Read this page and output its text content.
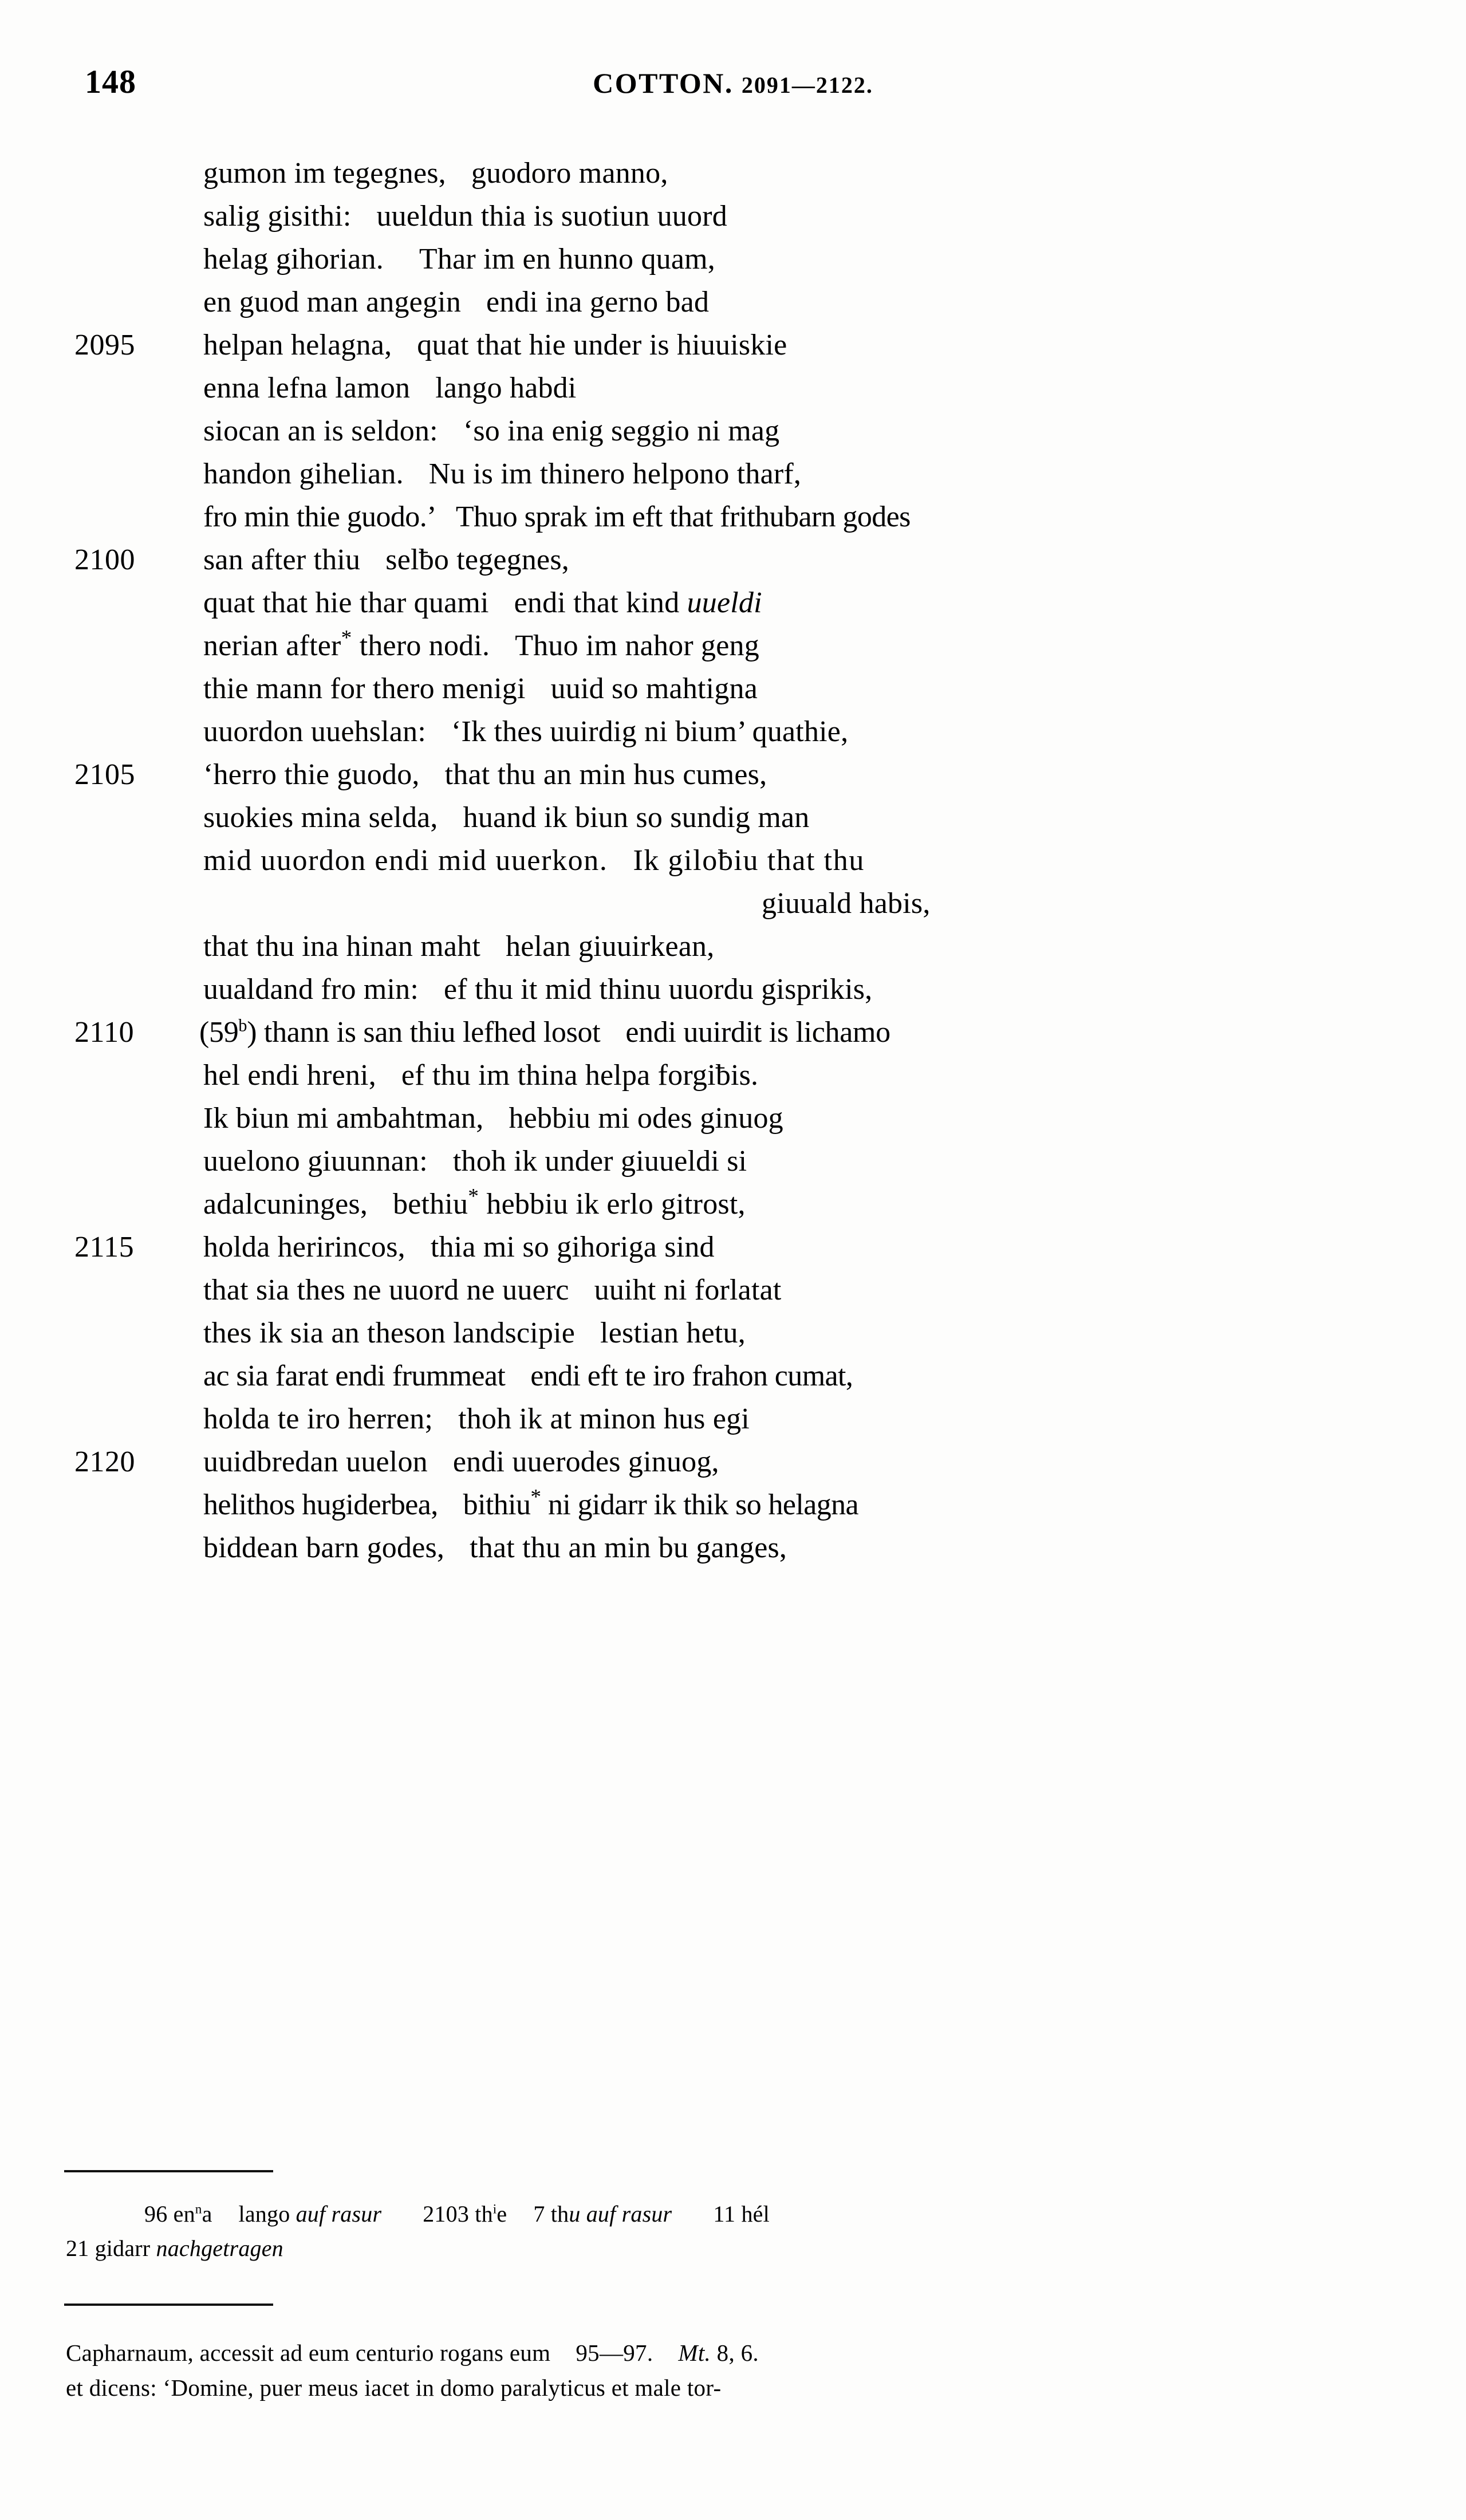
148	COTTON. 2091—2122.
gumon im tegegnes, guodoro manno,
salig gisithi: uueldun thia is suotiun uuord
helag gihorian. Thar im en hunno quam,
en guod man angegin endi ina gerno bad
2095	helpan helagna, quat that hie under is hiuuiskie
enna lefna lamon lango habdi
siocan an is seldon: ‘so ina enig seggio ni mag
handon gihelian. Nu is im thinero helpono tharf,
fro min thie guodo.’ Thuo sprak im eft that frithubarn godes
2100	san after thiu selƀo tegegnes,
quat that hie thar quami endi that kind uueldi
nerian after* thero nodi. Thuo im nahor geng
thie mann for thero menigi uuid so mahtigna
uuordon uuehslan: ‘Ik thes uuirdig ni bium’ quathie,
2105	‘herro thie guodo, that thu an min hus cumes,
suokies mina selda, huand ik biun so sundig man
mid uuordon endi mid uuerkon. Ik giloƀiu that thu
giuuald habis,
that thu ina hinan maht helan giuuirkean,
uualdand fro min: ef thu it mid thinu uuordu gisprikis,
2110	(59$^b$) thann is san thiu lefhed losot endi uuirdit is lichamo
hel endi hreni, ef thu im thina helpa forgiƀis.
Ik biun mi ambahtman, hebbiu mi odes ginuog
uuelono giuunnan: thoh ik under giuueldi si
adalcuninges, bethiu* hebbiu ik erlo gitrost,
2115	holda heririncos, thia mi so gihoriga sind
that sia thes ne uuord ne uuerc uuiht ni forlatat
thes ik sia an theson landscipie lestian hetu,
ac sia farat endi frummeat endi eft te iro frahon cumat,
holda te iro herren; thoh ik at minon hus egi
2120	uuidbredan uuelon endi uuerodes ginuog,
helithos hugiderbea, bithiu* ni gidarr ik thik so helagna
biddean barn godes, that thu an min bu ganges,
96 $en^na$ lango auf rasur 2103 $th^ie$ 7 thu auf rasur 11 hél
21 gidarr nachgetragen
Capharnaum, accessit ad eum centurio rogans eum 95—97. Mt. 8, 6.
et dicens: ‘Domine, puer meus iacet in domo paralyticus et male tor-
